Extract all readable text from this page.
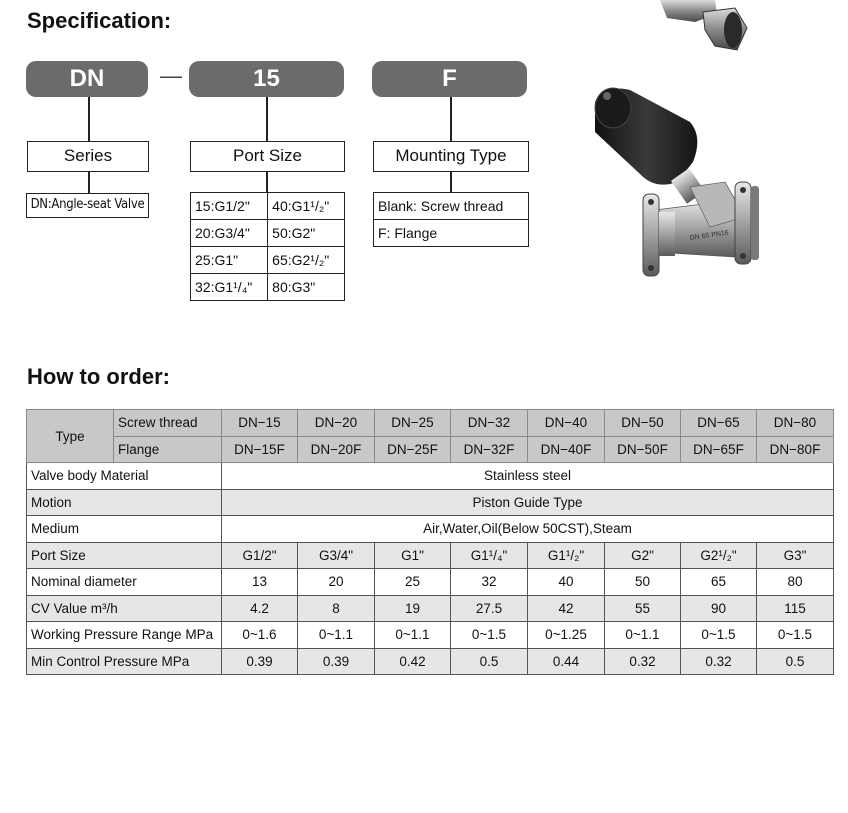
Specification:
DN	—	15	F
Series	Port Size	Mounting Type
DN:Angle-seat Valve	15:G1/2"	40:G1¹/₂"
20:G3/4"	50:G2"
25:G1"	65:G2¹/₂"
32:G1¹/₄"	80:G3"
Blank: Screw thread
F: Flange	DN 65 PN16
How to order:
Type	Screw thread	DN−15	DN−20	DN−25	DN−32	DN−40	DN−50	DN−65	DN−80
	Flange	DN−15F	DN−20F	DN−25F	DN−32F	DN−40F	DN−50F	DN−65F	DN−80F
Valve body Material		Stainless steel							
Motion		Piston Guide Type							
Medium		Air,Water,Oil(Below 50CST),Steam							
Port Size		G1/2"	G3/4"	G1"	G1¹/₄"	G1¹/₂"	G2"	G2¹/₂"	G3"
Nominal diameter		13	20	25	32	40	50	65	80
CV Value m³/h		4.2	8	19	27.5	42	55	90	115
Working Pressure Range MPa		0~1.6	0~1.1	0~1.1	0~1.5	0~1.25	0~1.1	0~1.5	0~1.5
Min Control Pressure MPa		0.39	0.39	0.42	0.5	0.44	0.32	0.32	0.5
